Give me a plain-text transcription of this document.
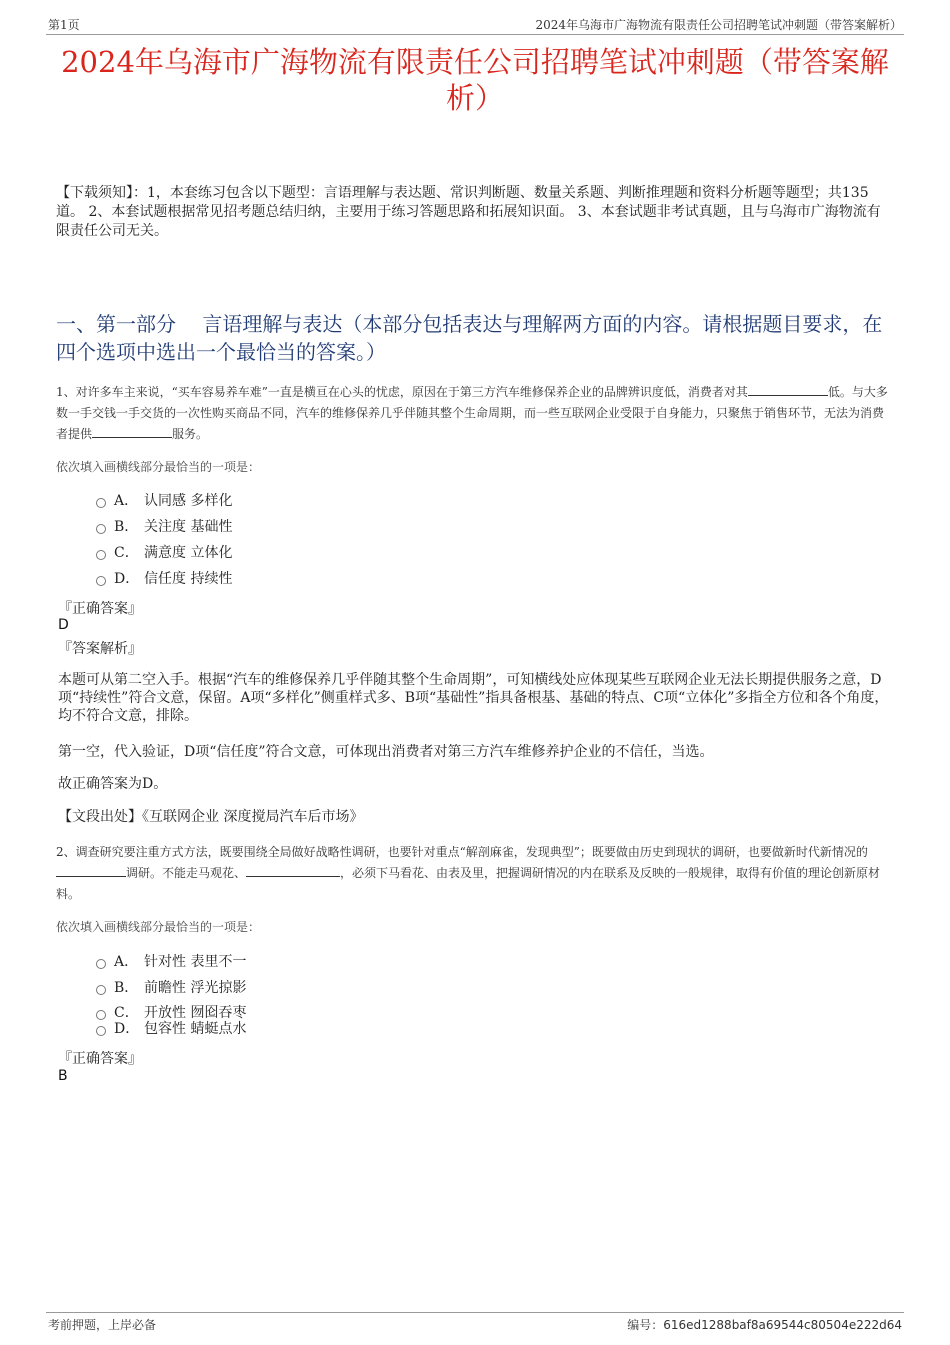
第1页	2024年乌海市广海物流有限责任公司招聘笔试冲刺题（带答案解析）
2024年乌海市广海物流有限责任公司招聘笔试冲刺题（带答案解析）
【下载须知】：1，本套练习包含以下题型：言语理解与表达题、常识判断题、数量关系题、判断推理题和资料分析题等题型；共135道。 2、本套试题根据常见招考题总结归纳，主要用于练习答题思路和拓展知识面。 3、本套试题非考试真题，且与乌海市广海物流有限责任公司无关。
一、第一部分　 言语理解与表达（本部分包括表达与理解两方面的内容。请根据题目要求，在四个选项中选出一个最恰当的答案。）
1、对许多车主来说，“买车容易养车难”一直是横亘在心头的忧虑，原因在于第三方汽车维修保养企业的品牌辨识度低，消费者对其	低。与大多数一手交钱一手交货的一次性购买商品不同，汽车的维修保养几乎伴随其整个生命周期，而一些互联网企业受限于自身能力，只聚焦于销售环节，无法为消费者提供	服务。
依次填入画横线部分最恰当的一项是：
A． 认同感 多样化
B． 关注度 基础性
C． 满意度 立体化
D． 信任度 持续性
『正确答案』
D
『答案解析』
本题可从第二空入手。根据“汽车的维修保养几乎伴随其整个生命周期”，可知横线处应体现某些互联网企业无法长期提供服务之意，D项“持续性”符合文意，保留。A项“多样化”侧重样式多、B项“基础性”指具备根基、基础的特点、C项“立体化”多指全方位和各个角度，均不符合文意，排除。
第一空，代入验证，D项“信任度”符合文意，可体现出消费者对第三方汽车维修养护企业的不信任，当选。
故正确答案为D。
【文段出处】《互联网企业 深度搅局汽车后市场》
2、调查研究要注重方式方法，既要围绕全局做好战略性调研，也要针对重点“解剖麻雀，发现典型”；既要做由历史到现状的调研，也要做新时代新情况的调研。不能走马观花、	，必须下马看花、由表及里，把握调研情况的内在联系及反映的一般规律，取得有价值的理论创新原材料。
依次填入画横线部分最恰当的一项是：
A． 针对性 表里不一
B． 前瞻性 浮光掠影
C． 开放性 囫囵吞枣
D． 包容性 蜻蜓点水
『正确答案』
B
考前押题，上岸必备	编号：616ed1288baf8a69544c80504e222d64
